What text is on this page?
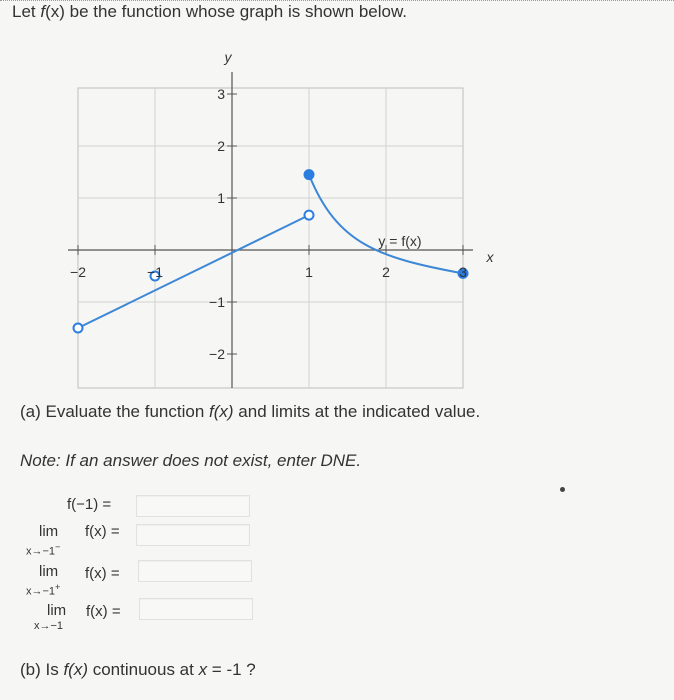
Let f(x) be the function whose graph is shown below.
−2	−1	1	2	3
3
2
1
−1
−2
y
x
y = f(x)
(a) Evaluate the function f(x) and limits at the indicated value.
Note: If an answer does not exist, enter DNE.
f(−1) =
lim f(x) =
x→−1−
lim f(x) =
x→−1+
lim f(x) =
x→−1
(b) Is f(x) continuous at x = -1 ?
